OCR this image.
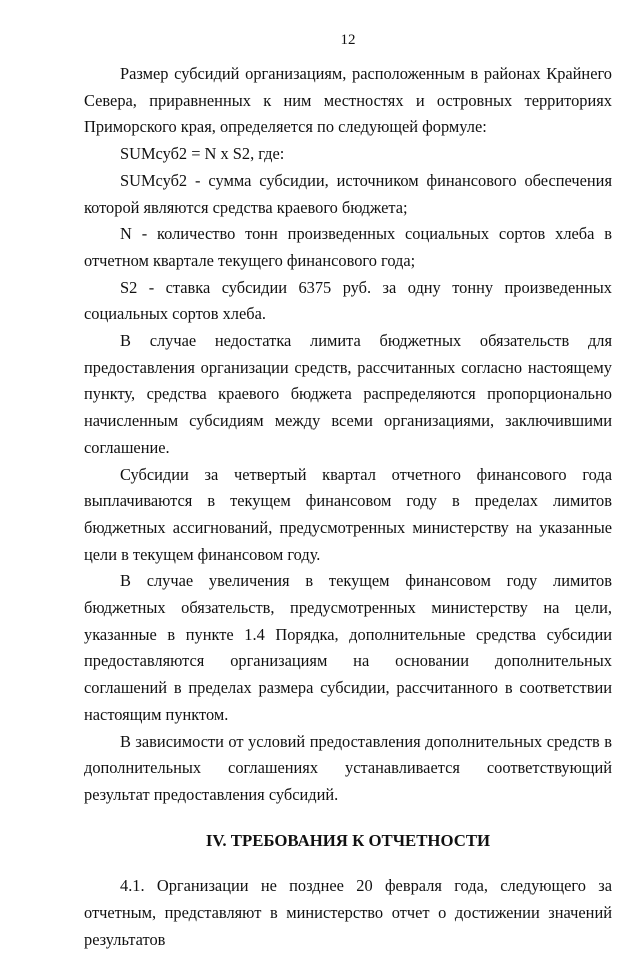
12

Размер субсидий организациям, расположенным в районах Крайнего Севера, приравненных к ним местностях и островных территориях Приморского края, определяется по следующей формуле:

SUMсуб2 = N x S2, где:

SUMсуб2 - сумма субсидии, источником финансового обеспечения которой являются средства краевого бюджета;

N - количество тонн произведенных социальных сортов хлеба в отчетном квартале текущего финансового года;

S2 - ставка субсидии 6375 руб. за одну тонну произведенных социальных сортов хлеба.

В случае недостатка лимита бюджетных обязательств для предоставления организации средств, рассчитанных согласно настоящему пункту, средства краевого бюджета распределяются пропорционально начисленным субсидиям между всеми организациями, заключившими соглашение.

Субсидии за четвертый квартал отчетного финансового года выплачиваются в текущем финансовом году в пределах лимитов бюджетных ассигнований, предусмотренных министерству на указанные цели в текущем финансовом году.

В случае увеличения в текущем финансовом году лимитов бюджетных обязательств, предусмотренных министерству на цели, указанные в пункте 1.4 Порядка, дополнительные средства субсидии предоставляются организациям на основании дополнительных соглашений в пределах размера субсидии, рассчитанного в соответствии настоящим пунктом.

В зависимости от условий предоставления дополнительных средств в дополнительных соглашениях устанавливается соответствующий результат предоставления субсидий.

IV. ТРЕБОВАНИЯ К ОТЧЕТНОСТИ

4.1. Организации не позднее 20 февраля года, следующего за отчетным, представляют в министерство отчет о достижении значений результатов
